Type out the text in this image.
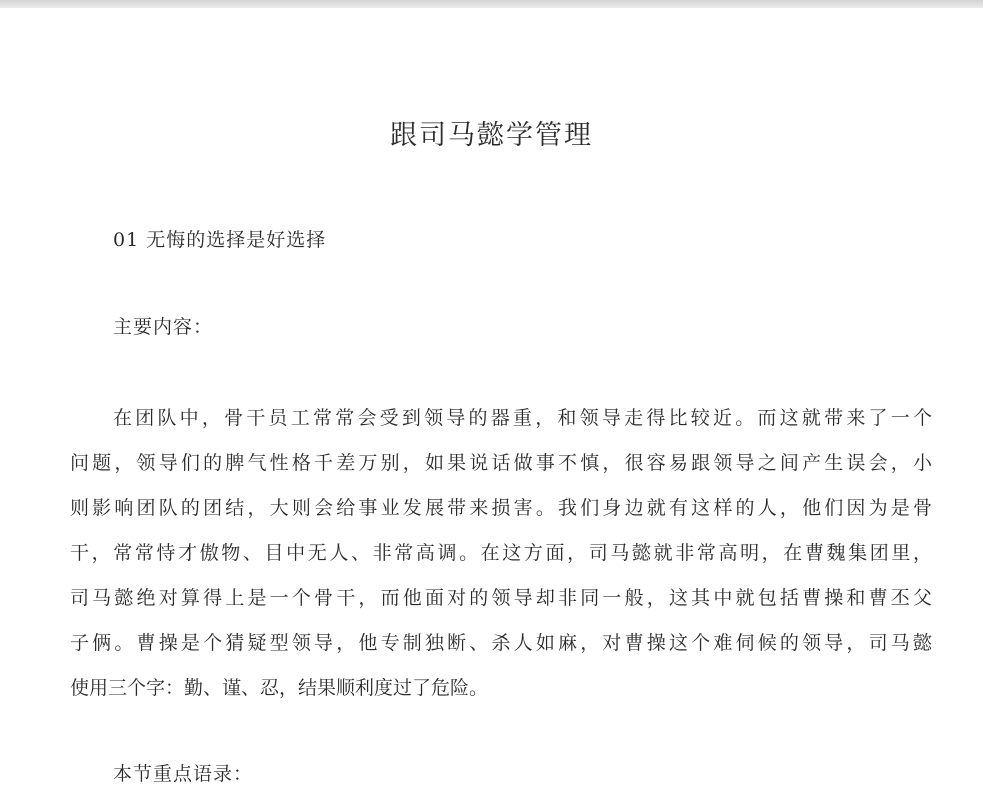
跟司马懿学管理
01 无悔的选择是好选择
主要内容：
在团队中，骨干员工常常会受到领导的器重，和领导走得比较近。而这就带来了一个
问题，领导们的脾气性格千差万别，如果说话做事不慎，很容易跟领导之间产生误会，小
则影响团队的团结，大则会给事业发展带来损害。我们身边就有这样的人，他们因为是骨
干，常常恃才傲物、目中无人、非常高调。在这方面，司马懿就非常高明，在曹魏集团里，
司马懿绝对算得上是一个骨干，而他面对的领导却非同一般，这其中就包括曹操和曹丕父
子俩。曹操是个猜疑型领导，他专制独断、杀人如麻，对曹操这个难伺候的领导，司马懿
使用三个字：勤、谨、忍，结果顺利度过了危险。
本节重点语录：
